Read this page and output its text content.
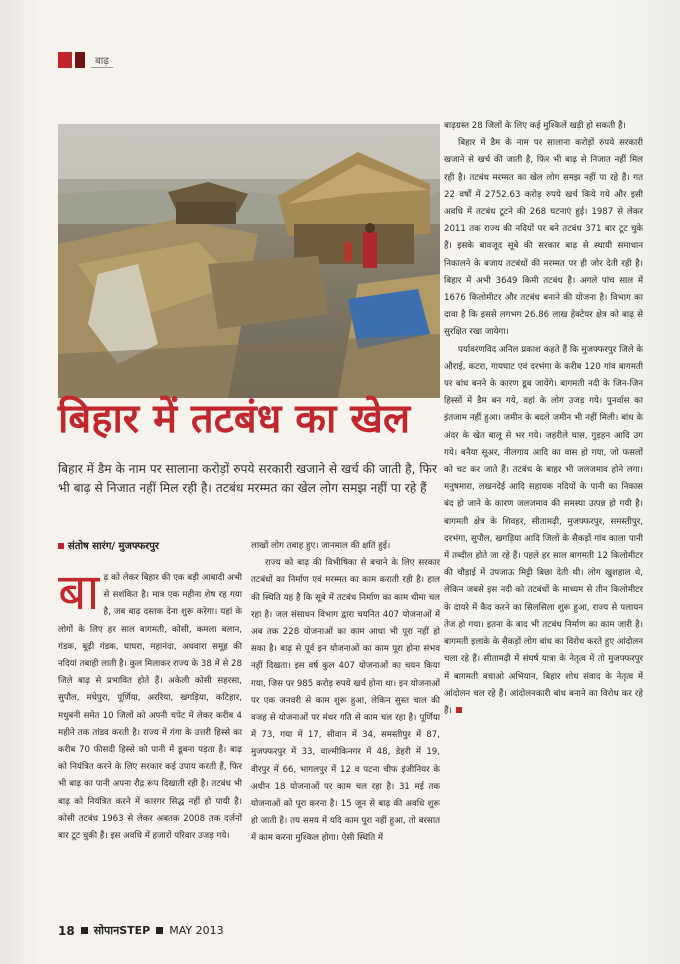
बाढ़
बिहार में तटबंध का खेल
बिहार में डैम के नाम पर सालाना करोड़ों रुपये सरकारी खजाने से खर्च की जाती है, फिर भी बाढ़ से निजात नहीं मिल रही है। तटबंध मरम्मत का खेल लोग समझ नहीं पा रहे हैं
संतोष सारंग/ मुजफ्फरपुर

बाढ़ को लेकर बिहार की एक बड़ी आबादी अभी से सशंकित है। मात्र एक महीना शेष रह गया है, जब बाढ़ दस्तक देना शुरू करेगा। यहां के लोगों के लिए हर साल बागमती, कोसी, कमला बलान, गंडक, बूढ़ी गंडक, घाघरा, महानंदा, अधवारा समूह की नदियां तबाही लाती है। कुल मिलाकर राज्य के 38 में से 28 जिले बाढ़ से प्रभावित होते हैं। अकेली कोसी सहरसा, सुपौल, मधेपुरा, पूर्णिया, अररिया, खगड़िया, कटिहार, मधुबनी समेत 10 जिलों को अपनी चपेट में लेकर करीब 4 महीने तक तांडव करती है। राज्य में गंगा के उत्तरी हिस्से का करीब 70 फीसदी हिस्से को पानी में डूबना पड़ता है। बाढ़ को नियंत्रित करने के लिए सरकार कई उपाय करती हैं, फिर भी बाढ़ का पानी अपना रौद्र रूप दिखाती रही है। तटबंध भी बाढ़ को नियंत्रित करने में कारगर सिद्ध नहीं हो पायी है। कोसी तटबंध 1963 से लेकर अबतक 2008 तक दर्जनों बार टूट चुकी हैं। इस अवधि में हजारों परिवार उजड़ गये।

लाखों लोग तबाह हुए। जानमाल की क्षति हुई।

राज्य को बाढ़ की विभीषिका से बचाने के लिए सरकार तटबंधों का निर्माण एवं मरम्मत का काम कराती रही है। हाल की स्थिति यह है कि सूबे में तटबंध निर्माण का काम धीमा चल रहा है। जल संसाधन विभाग द्वारा चयनित 407 योजनाओं में अब तक 228 योजनाओं का काम आधा भी पूरा नहीं हो सका है। बाढ़ से पूर्व इन योजनाओं का काम पूरा होना संभव नहीं दिखता। इस वर्ष कुल 407 योजनाओं का चयन किया गया, जिस पर 985 करोड़ रुपये खर्च होना था। इन योजनाओं पर एक जनवरी से काम शुरू हुआ, लेकिन सुस्त चाल की वजह से योजनाओं पर मंथर गति से काम चल रहा है। पूर्णिया में 73, गया में 17, सीवान में 34, समस्तीपुर में 87, मुजफ्फरपुर में 33, वाल्मीकिनगर में 48, डेहरी में 19, वीरपुर में 66, भागलपुर में 12 व पटना चीफ इंजीनियर के अधीन 18 योजनाओं पर काम चल रहा है। 31 मई तक योजनाओं को पूरा करना है। 15 जून से बाढ़ की अवधि शुरू हो जाती है। तय समय में यदि काम पूरा नहीं हुआ, तो बरसात में काम करना मुश्किल होगा। ऐसी स्थिति में

बाढ़ग्रस्त 28 जिलों के लिए कई मुश्किलें खड़ी हो सकती हैं।

बिहार में डैम के नाम पर सालाना करोड़ों रुपये सरकारी खजाने से खर्च की जाती है, फिर भी बाढ़ से निजात नहीं मिल रही है। तटबंध मरम्मत का खेल लोग समझ नहीं पा रहे हैं। गत 22 वर्षों में 2752.63 करोड़ रुपये खर्च किये गये और इसी अवधि में तटबंध टूटने की 268 घटनाएं हुई। 1987 से लेकर 2011 तक राज्य की नदियों पर बने तटबंध 371 बार टूट चुके हैं। इसके बावजूद सूबे की सरकार बाढ़ से स्थायी समाधान निकालने के बजाय तटबंधों की मरम्मत पर ही जोर देती रही है। बिहार में अभी 3649 किमी तटबंध है। अगले पांच साल में 1676 किलोमीटर और तटबंध बनाने की योजना है। विभाग का दावा है कि इससे लगभग 26.86 लाख हेक्टेयर क्षेत्र को बाढ़ से सुरक्षित रखा जायेगा।

पर्यावरणविद अनिल प्रकाश कहते हैं कि मुजफ्फरपुर जिले के औराई, कटरा, गायघाट एवं दरभंगा के करीब 120 गांव बागमती पर बांध बनने के कारण डूब जायेंगे। बागमती नदी के जिन-जिन हिस्सों में डैम बन गये, वहां के लोग उजड़ गये। पुनर्वास का इंतजाम नहीं हुआ। जमीन के बदले जमीन भी नहीं मिली। बांध के अंदर के खेत बालू से भर गये। जहरीले घास, गुड़हन आदि उग गये। बनैया सूअर, नीलगाय आदि का वास हो गया, जो फसलों को चट कर जाते हैं। तटबंध के बाहर भी जलजमाव होने लगा। मनुषमारा, लखनदेई आदि सहायक नदियों के पानी का निकास बंद हो जाने के कारण जलजमाव की समस्या उत्पन्न हो गयी है। बागमती क्षेत्र के शिवहर, सीतामढ़ी, मुजफ्फरपुर, समस्तीपुर, दरभंगा, सुपौल, खगड़िया आदि जिलों के सैकड़ों गांव काला पानी में तब्दील होते जा रहे हैं। पहले हर साल बागमती 12 किलोमीटर की चौड़ाई में उपजाऊ मिट्टी बिछा देती थी। लोग खुशहाल थे, लेकिन जबसे इस नदी को तटबंधों के माध्यम से तीन किलोमीटर के दायरे में कैद करने का सिलसिला शुरू हुआ, राज्य से पलायन तेज हो गया। इतना के बाद भी तटबंध निर्माण का काम जारी है। बागमती इलाके के सैकड़ों लोग बांध का विरोध करते हुए आंदोलन चला रहे हैं। सीतामढ़ी में संघर्ष यात्रा के नेतृत्व में तो मुजफ्फरपुर में बागमती बचाओ अभियान, बिहार शोध संवाद के नेतृत्व में आंदोलन चल रहे हैं। आंदोलनकारी बांध बनाने का विरोध कर रहे हैं।

18 सोपानSTEP MAY 2013
